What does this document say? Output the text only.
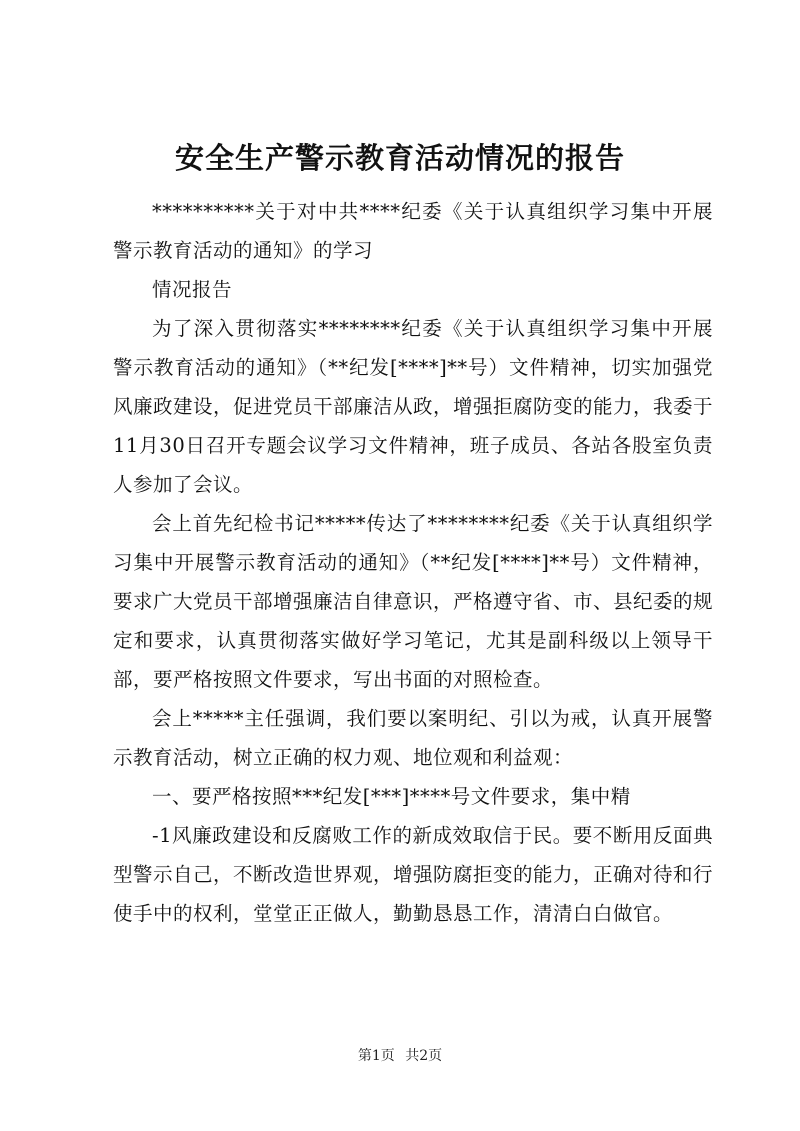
安全生产警示教育活动情况的报告

**********关于对中共****纪委《关于认真组织学习集中开展警示教育活动的通知》的学习

情况报告

为了深入贯彻落实********纪委《关于认真组织学习集中开展警示教育活动的通知》（**纪发[****]**号）文件精神，切实加强党风廉政建设，促进党员干部廉洁从政，增强拒腐防变的能力，我委于11月30日召开专题会议学习文件精神，班子成员、各站各股室负责人参加了会议。

会上首先纪检书记*****传达了********纪委《关于认真组织学习集中开展警示教育活动的通知》（**纪发[****]**号）文件精神，要求广大党员干部增强廉洁自律意识，严格遵守省、市、县纪委的规定和要求，认真贯彻落实做好学习笔记，尤其是副科级以上领导干部，要严格按照文件要求，写出书面的对照检查。

会上*****主任强调，我们要以案明纪、引以为戒，认真开展警示教育活动，树立正确的权力观、地位观和利益观：

一、要严格按照***纪发[***]****号文件要求，集中精

-1风廉政建设和反腐败工作的新成效取信于民。要不断用反面典型警示自己，不断改造世界观，增强防腐拒变的能力，正确对待和行使手中的权利，堂堂正正做人，勤勤恳恳工作，清清白白做官。

第1页 共2页
